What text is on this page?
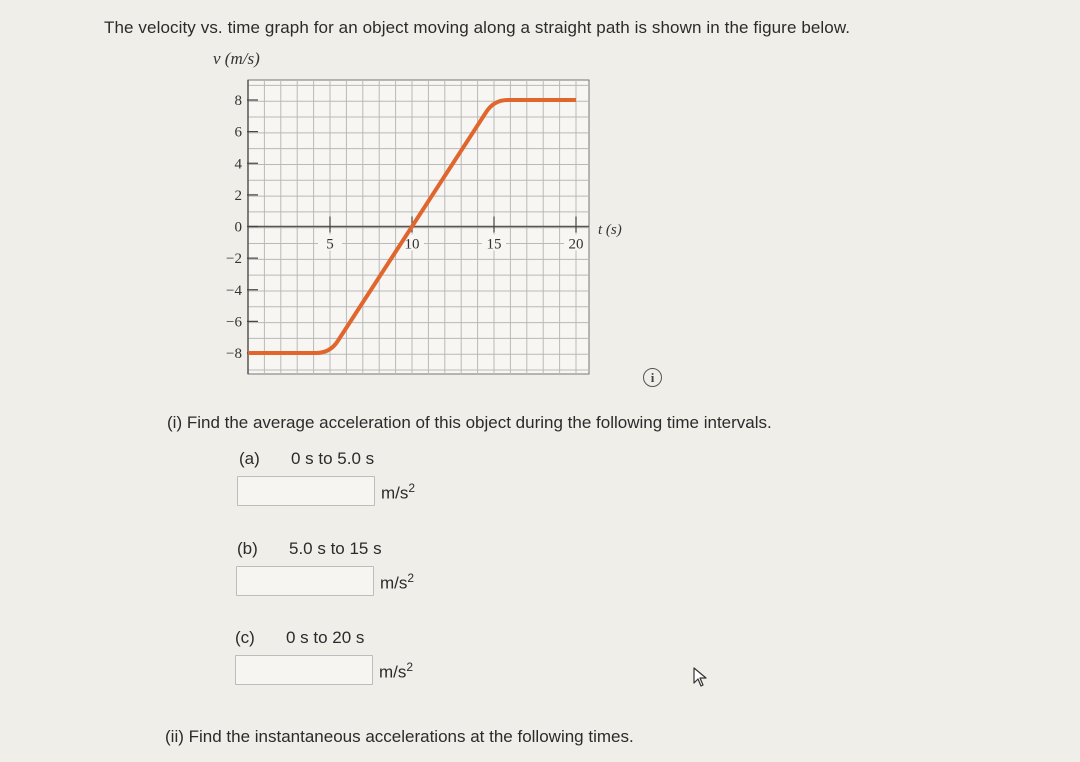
The velocity vs. time graph for an object moving along a straight path is shown in the figure below.
8
6
4
2
0
−2
−4
−6
−8
5	10	15	20
v (m/s)
t (s)
i
(i) Find the average acceleration of this object during the following time intervals.
(a) 0 s to 5.0 s
$m/s^2$
(b) 5.0 s to 15 s
$m/s^2$
(c) 0 s to 20 s
$m/s^2$
(ii) Find the instantaneous accelerations at the following times.
